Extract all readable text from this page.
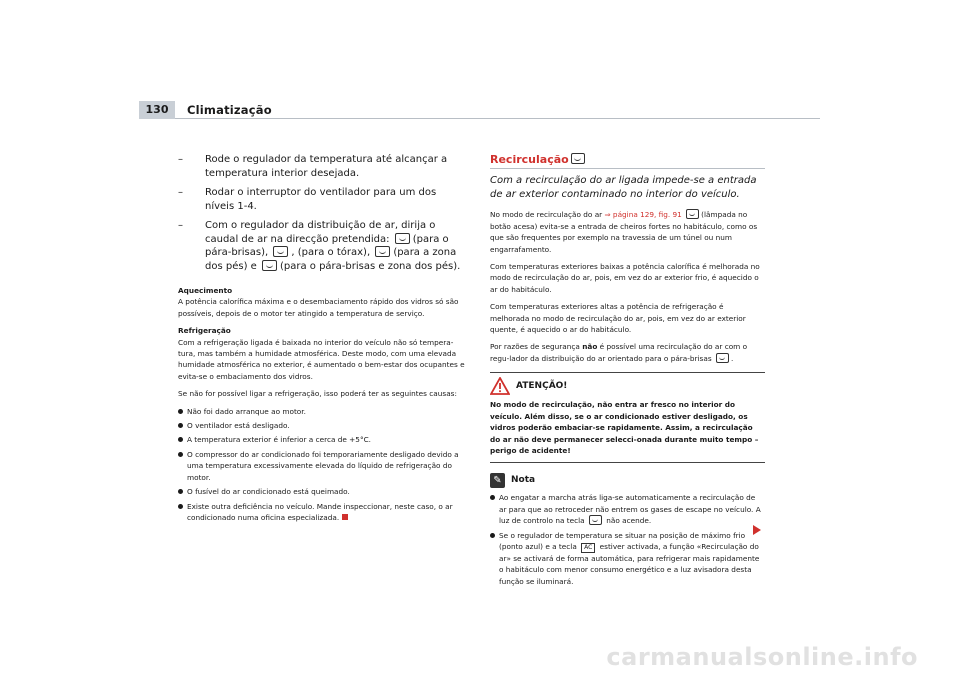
130	Climatização
– Rode o regulador da temperatura até alcançar a temperatura interior desejada.
– Rodar o interruptor do ventilador para um dos níveis 1-4.
– Com o regulador da distribuição de ar, dirija o caudal de ar na direcção pretendida: (para o pára-brisas), , (para o tórax), (para a zona dos pés) e (para o pára-brisas e zona dos pés).
Aquecimento

A potência calorífica máxima e o desembaciamento rápido dos vidros só são possíveis, depois de o motor ter atingido a temperatura de serviço.

Refrigeração

Com a refrigeração ligada é baixada no interior do veículo não só tempera-tura, mas também a humidade atmosférica. Deste modo, com uma elevada humidade atmosférica no exterior, é aumentado o bem-estar dos ocupantes e evita-se o embaciamento dos vidros.

Se não for possível ligar a refrigeração, isso poderá ter as seguintes causas:

Não foi dado arranque ao motor.
O ventilador está desligado.
A temperatura exterior é inferior a cerca de +5°C.
O compressor do ar condicionado foi temporariamente desligado devido a uma temperatura excessivamente elevada do líquido de refrigeração do motor.
O fusível do ar condicionado está queimado.
Existe outra deficiência no veículo. Mande inspeccionar, neste caso, o ar condicionado numa oficina especializada.
Recirculação
Com a recirculação do ar ligada impede-se a entrada de ar exterior contaminado no interior do veículo.

No modo de recirculação do ar ⇒ página 129, fig. 91	(lâmpada no botão acesa) evita-se a entrada de cheiros fortes no habitáculo, como os que são frequentes por exemplo na travessia de um túnel ou num engarrafamento.

Com temperaturas exteriores baixas a potência calorífica é melhorada no modo de recirculação do ar, pois, em vez do ar exterior frio, é aquecido o ar do habitáculo.

Com temperaturas exteriores altas a potência de refrigeração é melhorada no modo de recirculação do ar, pois, em vez do ar exterior quente, é aquecido o ar do habitáculo.

Por razões de segurança não é possível uma recirculação do ar com o regu-lador da distribuição do ar orientado para o pára-brisas	.

ATENÇÃO!
No modo de recirculação, não entra ar fresco no interior do veículo. Além disso, se o ar condicionado estiver desligado, os vidros poderão embaciar-se rapidamente. Assim, a recirculação do ar não deve permanecer selecci-onada durante muito tempo – perigo de acidente!
✎	Nota
Ao engatar a marcha atrás liga-se automaticamente a recirculação de ar para que ao retroceder não entrem os gases de escape no veículo. A luz de controlo na tecla	não acende.
Se o regulador de temperatura se situar na posição de máximo frio (ponto azul) e a tecla AC estiver activada, a função «Recirculação do ar» se activará de forma automática, para refrigerar mais rapidamente o habitáculo com menor consumo energético e a luz avisadora desta função se iluminará.
carmanualsonline.info
